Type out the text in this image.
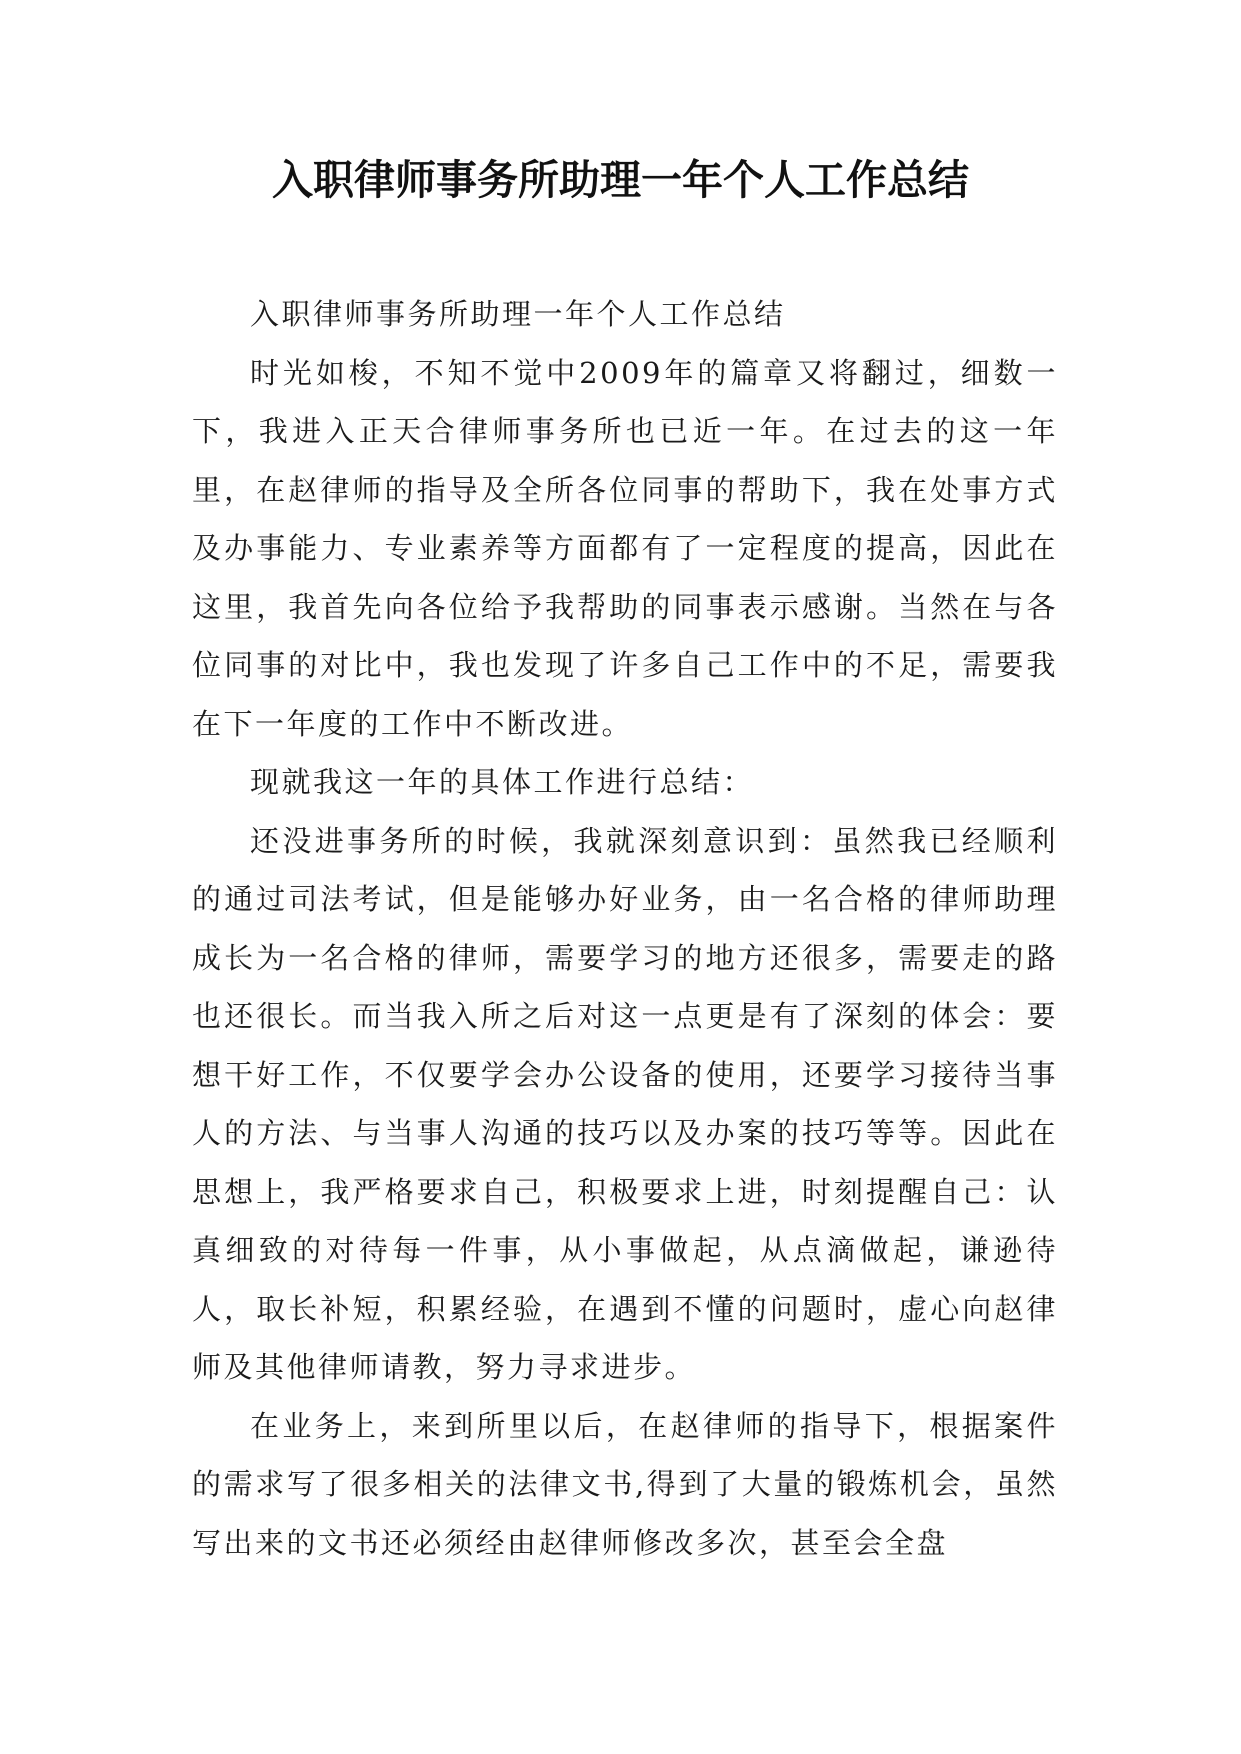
入职律师事务所助理一年个人工作总结

入职律师事务所助理一年个人工作总结

时光如梭，不知不觉中2009年的篇章又将翻过，细数一下，我进入正天合律师事务所也已近一年。在过去的这一年里，在赵律师的指导及全所各位同事的帮助下，我在处事方式及办事能力、专业素养等方面都有了一定程度的提高，因此在这里，我首先向各位给予我帮助的同事表示感谢。当然在与各位同事的对比中，我也发现了许多自己工作中的不足，需要我在下一年度的工作中不断改进。

现就我这一年的具体工作进行总结：

还没进事务所的时候，我就深刻意识到：虽然我已经顺利的通过司法考试，但是能够办好业务，由一名合格的律师助理成长为一名合格的律师，需要学习的地方还很多，需要走的路也还很长。而当我入所之后对这一点更是有了深刻的体会：要想干好工作，不仅要学会办公设备的使用，还要学习接待当事人的方法、与当事人沟通的技巧以及办案的技巧等等。因此在思想上，我严格要求自己，积极要求上进，时刻提醒自己：认真细致的对待每一件事，从小事做起，从点滴做起，谦逊待人，取长补短，积累经验，在遇到不懂的问题时，虚心向赵律师及其他律师请教，努力寻求进步。

在业务上，来到所里以后，在赵律师的指导下，根据案件的需求写了很多相关的法律文书,得到了大量的锻炼机会，虽然写出来的文书还必须经由赵律师修改多次，甚至会全盘
